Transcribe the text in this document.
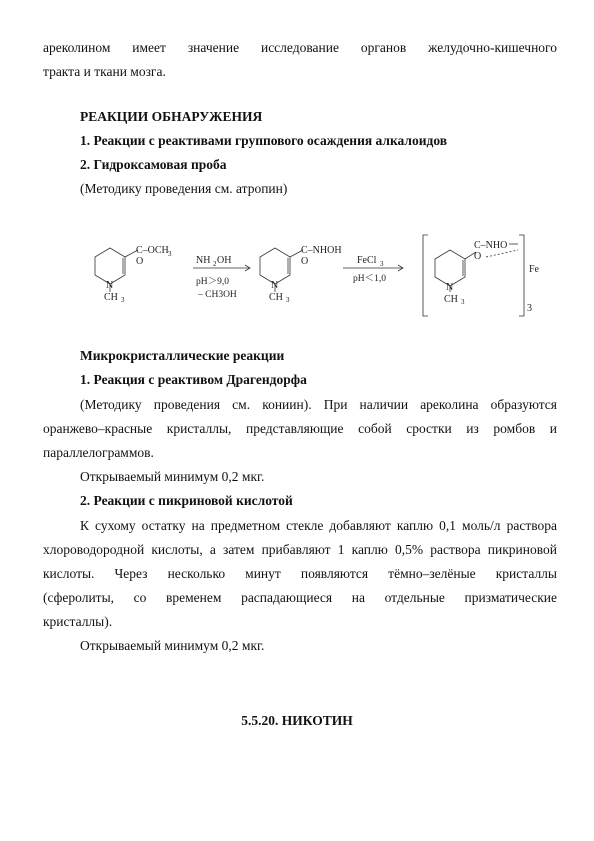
ареколином имеет значение исследование органов желудочно-кишечного
тракта и ткани мозга.
РЕАКЦИИ ОБНАРУЖЕНИЯ
1. Реакции с реактивами группового осаждения алкалоидов
2. Гидроксамовая проба
(Методику проведения см. атропин)
C–OCH 3
O
N
CH 3
NH 2 OH
pH＞9,0
– CH3OH
C–NHOH
O
N
CH 3
FeCl 3
pH＜1,0
C–NHO
O
N
CH 3
Fe
3
Микрокристаллические реакции
1. Реакция с реактивом Драгендорфа
(Методику проведения см. кониин). При наличии ареколина образуются
оранжево–красные кристаллы, представляющие собой сростки из ромбов и
параллелограммов.
Открываемый минимум 0,2 мкг.
2. Реакции с пикриновой кислотой
К сухому остатку на предметном стекле добавляют каплю 0,1 моль/л раствора
хлороводородной кислоты, а затем прибавляют 1 каплю 0,5% раствора пикриновой
кислоты. Через несколько минут появляются тёмно–зелёные кристаллы
(сферолиты, со временем распадающиеся на отдельные призматические
кристаллы).
Открываемый минимум 0,2 мкг.
5.5.20. НИКОТИН
